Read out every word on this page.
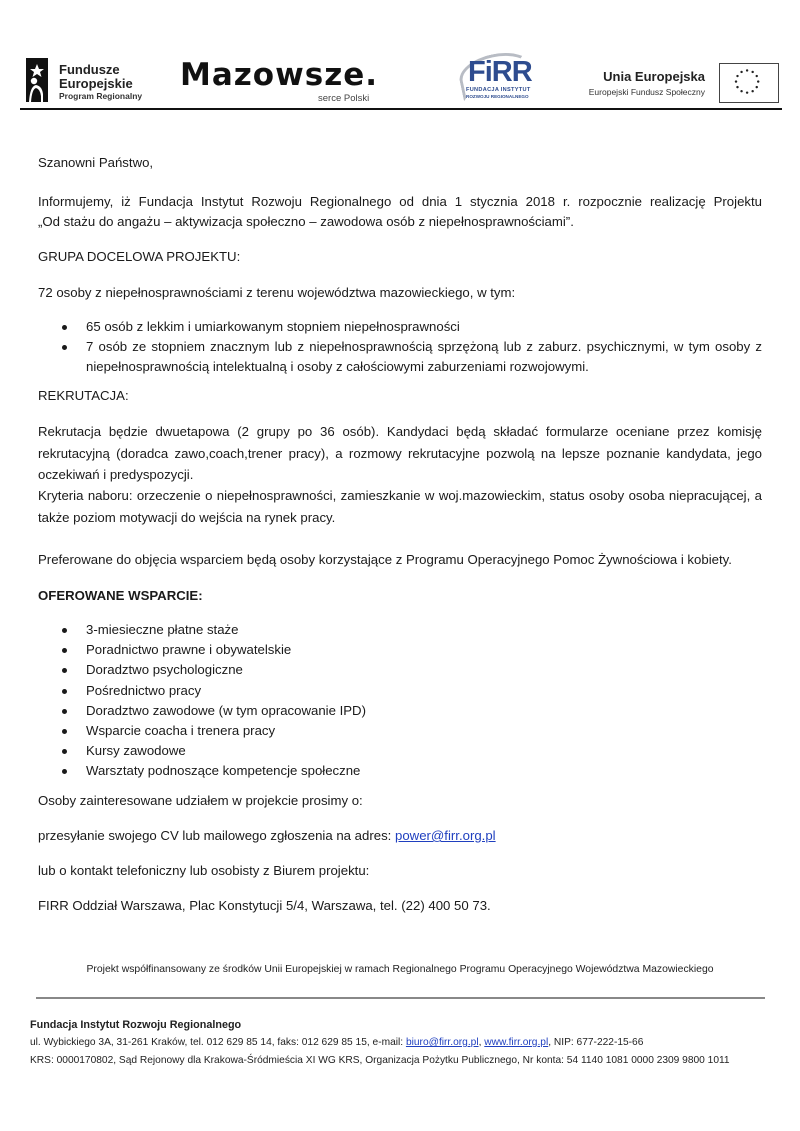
Fundusze
Europejskie
Program Regionalny
Mazowsze.
serce Polski
FiRR
FUNDACJA INSTYTUT
ROZWOJU REGIONALNEGO
Unia Europejska
Europejski Fundusz Społeczny

Szanowni Państwo,

Informujemy, iż Fundacja Instytut Rozwoju Regionalnego od dnia 1 stycznia 2018 r. rozpocznie realizację Projektu

„Od stażu do angażu – aktywizacja społeczno – zawodowa osób z niepełnosprawnościami”.

GRUPA DOCELOWA PROJEKTU:

72 osoby z niepełnosprawnościami z terenu województwa mazowieckiego, w tym:

65 osób z lekkim i umiarkowanym stopniem niepełnosprawności
7 osób ze stopniem znacznym lub z niepełnosprawnością sprzężoną lub z zaburz. psychicznymi, w tym osoby z niepełnosprawnością intelektualną i osoby z całościowymi zaburzeniami rozwojowymi.

REKRUTACJA:

Rekrutacja będzie dwuetapowa (2 grupy po 36 osób). Kandydaci będą składać formularze oceniane przez komisję rekrutacyjną (doradca zawo,coach,trener pracy), a rozmowy rekrutacyjne pozwolą na lepsze poznanie kandydata, jego oczekiwań i predyspozycji.

Kryteria naboru: orzeczenie o niepełnosprawności, zamieszkanie w woj.mazowieckim, status osoby osoba niepracującej, a także poziom motywacji do wejścia na rynek pracy.

Preferowane do objęcia wsparciem będą osoby korzystające z Programu Operacyjnego Pomoc Żywnościowa i kobiety.

OFEROWANE WSPARCIE:

3-miesieczne płatne staże
Poradnictwo prawne i obywatelskie
Doradztwo psychologiczne
Pośrednictwo pracy
Doradztwo zawodowe (w tym opracowanie IPD)
Wsparcie coacha i trenera pracy
Kursy zawodowe
Warsztaty podnoszące kompetencje społeczne

Osoby zainteresowane udziałem w projekcie prosimy o:

przesyłanie swojego CV lub mailowego zgłoszenia na adres: power@firr.org.pl

lub o kontakt telefoniczny lub osobisty z Biurem projektu:

FIRR Oddział Warszawa, Plac Konstytucji 5/4, Warszawa, tel. (22) 400 50 73.

Projekt współfinansowany ze środków Unii Europejskiej w ramach Regionalnego Programu Operacyjnego Województwa Mazowieckiego
Fundacja Instytut Rozwoju Regionalnego
ul. Wybickiego 3A, 31-261 Kraków, tel. 012 629 85 14, faks: 012 629 85 15, e-mail: biuro@firr.org.pl, www.firr.org.pl, NIP: 677-222-15-66
KRS: 0000170802, Sąd Rejonowy dla Krakowa-Śródmieścia XI WG KRS, Organizacja Pożytku Publicznego, Nr konta: 54 1140 1081 0000 2309 9800 1011
